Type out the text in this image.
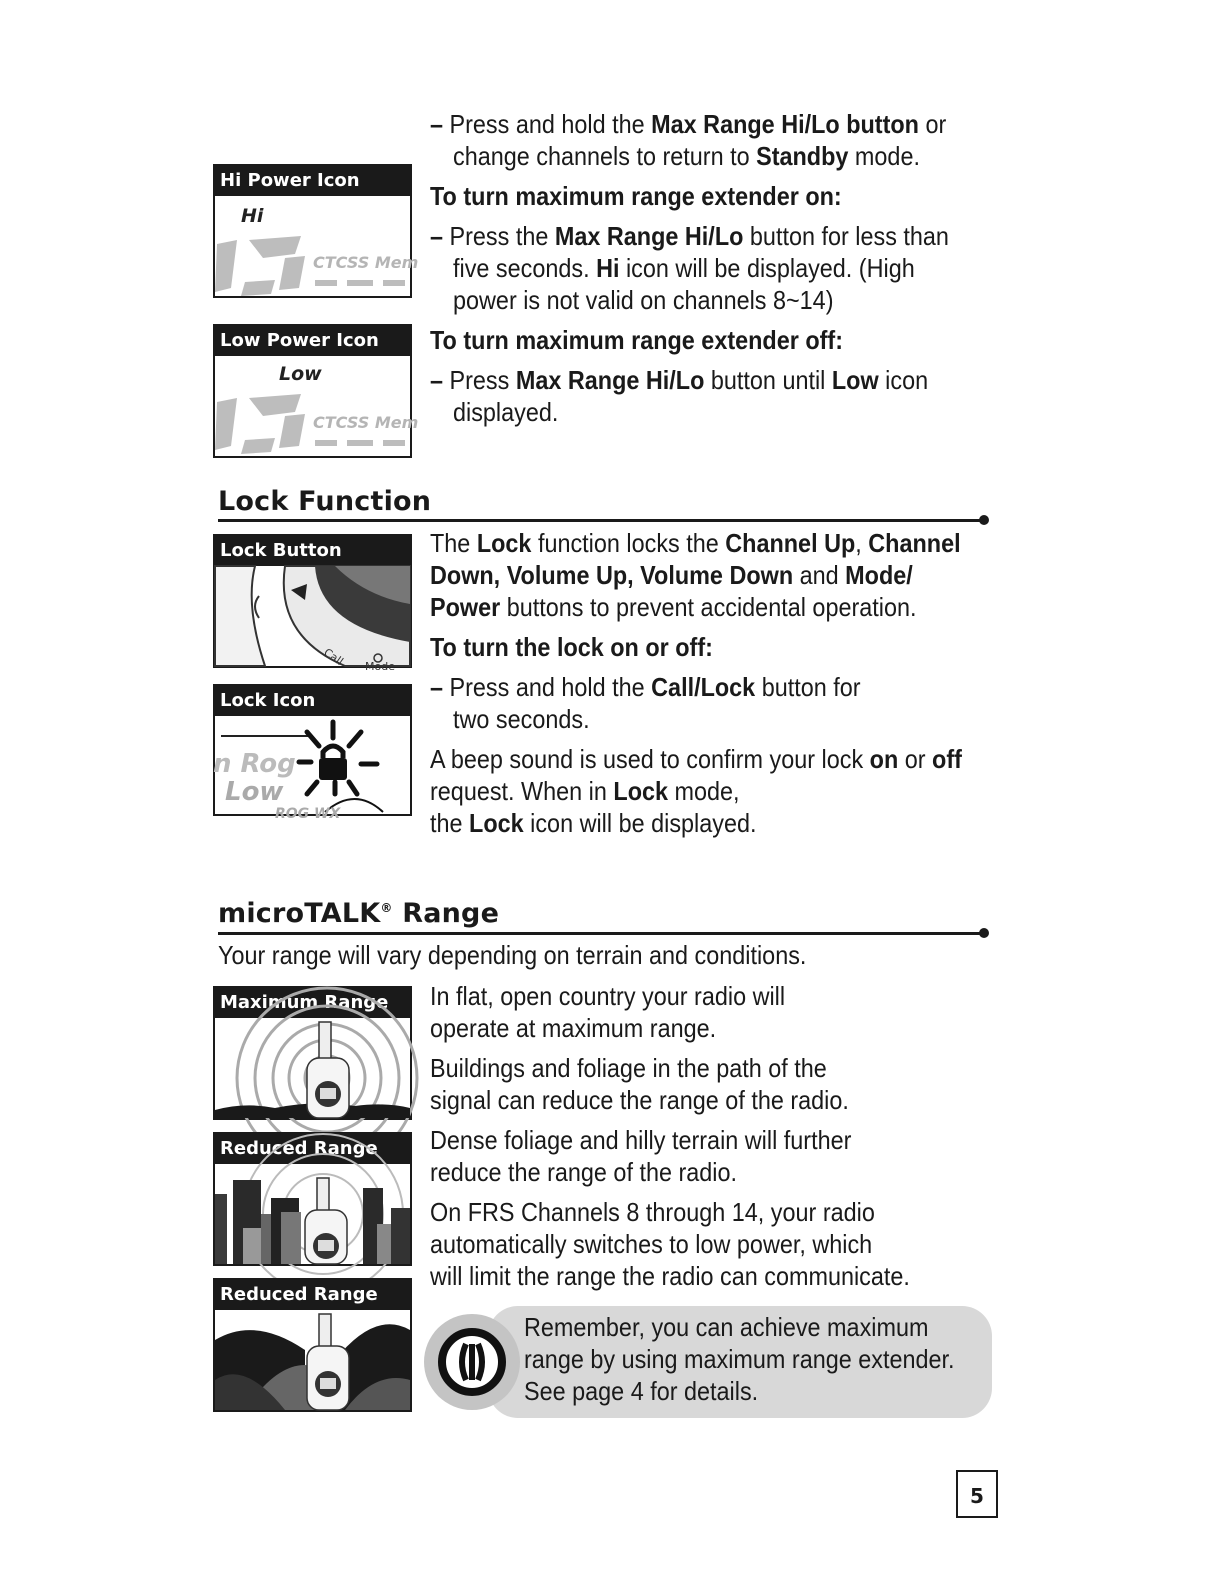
– Press and hold the Max Range Hi/Lo button or
change channels to return to Standby mode.
To turn maximum range extender on:
– Press the Max Range Hi/Lo button for less than
five seconds. Hi icon will be displayed. (High
power is not valid on channels 8~14)
To turn maximum range extender off:
– Press Max Range Hi/Lo button until Low icon
displayed.
Hi Power Icon
Hi
CTCSS Mem
Low Power Icon
Low
CTCSS Mem
Lock Function
The Lock function locks the Channel Up, Channel
Down, Volume Up, Volume Down and Mode/
Power buttons to prevent accidental operation.
To turn the lock on or off:
– Press and hold the Call/Lock button for
two seconds.
A beep sound is used to confirm your lock on or off
request. When in Lock mode,
the Lock icon will be displayed.
Lock Button
Call Mode
Lock Icon
n Rog
Low
ROG WX
microTALK® Range
Your range will vary depending on terrain and conditions.
In flat, open country your radio will
operate at maximum range.
Buildings and foliage in the path of the
signal can reduce the range of the radio.
Dense foliage and hilly terrain will further
reduce the range of the radio.
On FRS Channels 8 through 14, your radio
automatically switches to low power, which
will limit the range the radio can communicate.
Maximum Range
Reduced Range
Reduced Range
Remember, you can achieve maximum
range by using maximum range extender.
See page 4 for details.
5
